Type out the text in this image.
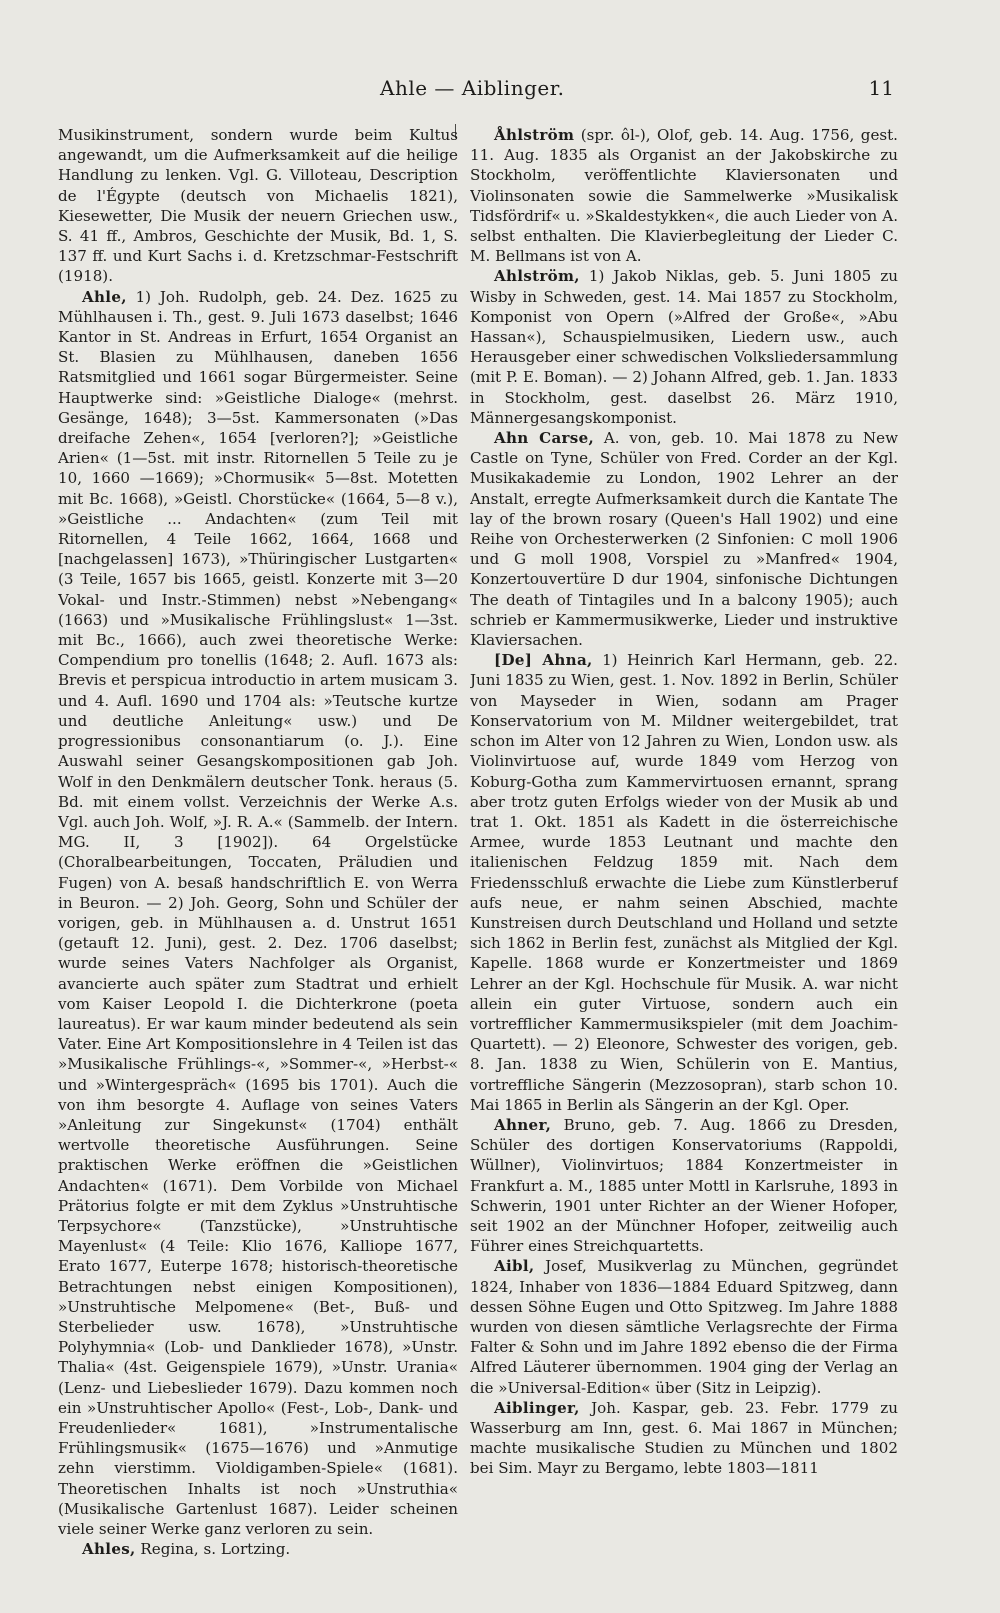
Ahle — Aiblinger.	11

Musikinstrument, sondern wurde beim Kultus angewandt, um die Aufmerksamkeit auf die heilige Handlung zu lenken. Vgl. G. Villoteau, Description de l'Égypte (deutsch von Michaelis 1821), Kiesewetter, Die Musik der neuern Griechen usw., S. 41 ff., Ambros, Geschichte der Musik, Bd. 1, S. 137 ff. und Kurt Sachs i. d. Kretzschmar-Festschrift (1918).

Ahle, 1) Joh. Rudolph, geb. 24. Dez. 1625 zu Mühlhausen i. Th., gest. 9. Juli 1673 daselbst; 1646 Kantor in St. Andreas in Erfurt, 1654 Organist an St. Blasien zu Mühlhausen, daneben 1656 Ratsmitglied und 1661 sogar Bürgermeister. Seine Hauptwerke sind: »Geistliche Dialoge« (mehrst. Gesänge, 1648); 3—5st. Kammersonaten (»Das dreifache Zehen«, 1654 [verloren?]; »Geistliche Arien« (1—5st. mit instr. Ritornellen 5 Teile zu je 10, 1660 —1669); »Chormusik« 5—8st. Motetten mit Bc. 1668), »Geistl. Chorstücke« (1664, 5—8 v.), »Geistliche ... Andachten« (zum Teil mit Ritornellen, 4 Teile 1662, 1664, 1668 und [nachgelassen] 1673), »Thüringischer Lustgarten« (3 Teile, 1657 bis 1665, geistl. Konzerte mit 3—20 Vokal- und Instr.-Stimmen) nebst »Nebengang« (1663) und »Musikalische Frühlingslust« 1—3st. mit Bc., 1666), auch zwei theoretische Werke: Compendium pro tonellis (1648; 2. Aufl. 1673 als: Brevis et perspicua introductio in artem musicam 3. und 4. Aufl. 1690 und 1704 als: »Teutsche kurtze und deutliche Anleitung« usw.) und De progressionibus consonantiarum (o. J.). Eine Auswahl seiner Gesangskompositionen gab Joh. Wolf in den Denkmälern deutscher Tonk. heraus (5. Bd. mit einem vollst. Verzeichnis der Werke A.s. Vgl. auch Joh. Wolf, »J. R. A.« (Sammelb. der Intern. MG. II, 3 [1902]). 64 Orgelstücke (Choralbearbeitungen, Toccaten, Präludien und Fugen) von A. besaß handschriftlich E. von Werra in Beuron. — 2) Joh. Georg, Sohn und Schüler der vorigen, geb. in Mühlhausen a. d. Unstrut 1651 (getauft 12. Juni), gest. 2. Dez. 1706 daselbst; wurde seines Vaters Nachfolger als Organist, avancierte auch später zum Stadtrat und erhielt vom Kaiser Leopold I. die Dichterkrone (poeta laureatus). Er war kaum minder bedeutend als sein Vater. Eine Art Kompositionslehre in 4 Teilen ist das »Musikalische Frühlings-«, »Sommer-«, »Herbst-« und »Wintergespräch« (1695 bis 1701). Auch die von ihm besorgte 4. Auflage von seines Vaters »Anleitung zur Singekunst« (1704) enthält wertvolle theoretische Ausführungen. Seine praktischen Werke eröffnen die »Geistlichen Andachten« (1671). Dem Vorbilde von Michael Prätorius folgte er mit dem Zyklus »Unstruhtische Terpsychore« (Tanzstücke), »Unstruhtische Mayenlust« (4 Teile: Klio 1676, Kalliope 1677, Erato 1677, Euterpe 1678; historisch-theoretische Betrachtungen nebst einigen Kompositionen), »Unstruhtische Melpomene« (Bet-, Buß- und Sterbelieder usw. 1678), »Unstruhtische Polyhymnia« (Lob- und Danklieder 1678), »Unstr. Thalia« (4st. Geigenspiele 1679), »Unstr. Urania« (Lenz- und Liebeslieder 1679). Dazu kommen noch ein »Unstruhtischer Apollo« (Fest-, Lob-, Dank- und Freudenlieder« 1681), »Instrumentalische Frühlingsmusik« (1675—1676) und »Anmutige zehn vierstimm. Violdigamben-Spiele« (1681). Theoretischen Inhalts ist noch »Unstruthia« (Musikalische Gartenlust 1687). Leider scheinen viele seiner Werke ganz verloren zu sein.

Ahles, Regina, s. Lortzing.

Åhlström (spr. ôl-), Olof, geb. 14. Aug. 1756, gest. 11. Aug. 1835 als Organist an der Jakobskirche zu Stockholm, veröffentlichte Klaviersonaten und Violinsonaten sowie die Sammelwerke »Musikalisk Tidsfördrif« u. »Skaldestykken«, die auch Lieder von A. selbst enthalten. Die Klavierbegleitung der Lieder C. M. Bellmans ist von A.

Ahlström, 1) Jakob Niklas, geb. 5. Juni 1805 zu Wisby in Schweden, gest. 14. Mai 1857 zu Stockholm, Komponist von Opern (»Alfred der Große«, »Abu Hassan«), Schauspielmusiken, Liedern usw., auch Herausgeber einer schwedischen Volksliedersammlung (mit P. E. Boman). — 2) Johann Alfred, geb. 1. Jan. 1833 in Stockholm, gest. daselbst 26. März 1910, Männergesangskomponist.

Ahn Carse, A. von, geb. 10. Mai 1878 zu New Castle on Tyne, Schüler von Fred. Corder an der Kgl. Musikakademie zu London, 1902 Lehrer an der Anstalt, erregte Aufmerksamkeit durch die Kantate The lay of the brown rosary (Queen's Hall 1902) und eine Reihe von Orchesterwerken (2 Sinfonien: C moll 1906 und G moll 1908, Vorspiel zu »Manfred« 1904, Konzertouvertüre D dur 1904, sinfonische Dichtungen The death of Tintagiles und In a balcony 1905); auch schrieb er Kammermusikwerke, Lieder und instruktive Klaviersachen.

[De] Ahna, 1) Heinrich Karl Hermann, geb. 22. Juni 1835 zu Wien, gest. 1. Nov. 1892 in Berlin, Schüler von Mayseder in Wien, sodann am Prager Konservatorium von M. Mildner weitergebildet, trat schon im Alter von 12 Jahren zu Wien, London usw. als Violinvirtuose auf, wurde 1849 vom Herzog von Koburg-Gotha zum Kammervirtuosen ernannt, sprang aber trotz guten Erfolgs wieder von der Musik ab und trat 1. Okt. 1851 als Kadett in die österreichische Armee, wurde 1853 Leutnant und machte den italienischen Feldzug 1859 mit. Nach dem Friedensschluß erwachte die Liebe zum Künstlerberuf aufs neue, er nahm seinen Abschied, machte Kunstreisen durch Deutschland und Holland und setzte sich 1862 in Berlin fest, zunächst als Mitglied der Kgl. Kapelle. 1868 wurde er Konzertmeister und 1869 Lehrer an der Kgl. Hochschule für Musik. A. war nicht allein ein guter Virtuose, sondern auch ein vortrefflicher Kammermusikspieler (mit dem Joachim-Quartett). — 2) Eleonore, Schwester des vorigen, geb. 8. Jan. 1838 zu Wien, Schülerin von E. Mantius, vortreffliche Sängerin (Mezzosopran), starb schon 10. Mai 1865 in Berlin als Sängerin an der Kgl. Oper.

Ahner, Bruno, geb. 7. Aug. 1866 zu Dresden, Schüler des dortigen Konservatoriums (Rappoldi, Wüllner), Violinvirtuos; 1884 Konzertmeister in Frankfurt a. M., 1885 unter Mottl in Karlsruhe, 1893 in Schwerin, 1901 unter Richter an der Wiener Hofoper, seit 1902 an der Münchner Hofoper, zeitweilig auch Führer eines Streichquartetts.

Aibl, Josef, Musikverlag zu München, gegründet 1824, Inhaber von 1836—1884 Eduard Spitzweg, dann dessen Söhne Eugen und Otto Spitzweg. Im Jahre 1888 wurden von diesen sämtliche Verlagsrechte der Firma Falter & Sohn und im Jahre 1892 ebenso die der Firma Alfred Läuterer übernommen. 1904 ging der Verlag an die »Universal-Edition« über (Sitz in Leipzig).

Aiblinger, Joh. Kaspar, geb. 23. Febr. 1779 zu Wasserburg am Inn, gest. 6. Mai 1867 in München; machte musikalische Studien zu München und 1802 bei Sim. Mayr zu Bergamo, lebte 1803—1811
